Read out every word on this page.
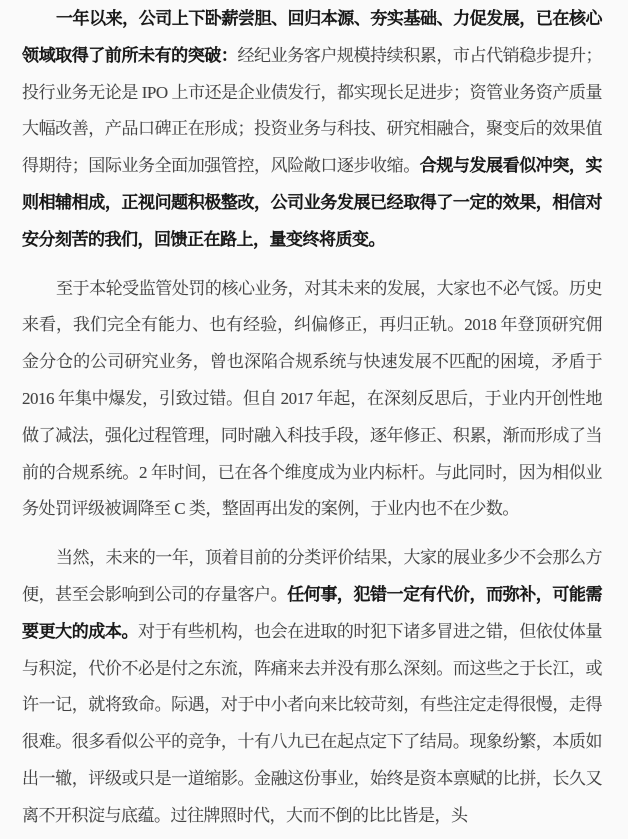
一年以来，公司上下卧薪尝胆、回归本源、夯实基础、力促发展，已在核心领域取得了前所未有的突破：经纪业务客户规模持续积累，市占代销稳步提升；投行业务无论是 IPO 上市还是企业债发行，都实现长足进步；资管业务资产质量大幅改善，产品口碑正在形成；投资业务与科技、研究相融合，聚变后的效果值得期待；国际业务全面加强管控，风险敞口逐步收缩。合规与发展看似冲突，实则相辅相成，正视问题积极整改，公司业务发展已经取得了一定的效果，相信对安分刻苦的我们，回馈正在路上，量变终将质变。

至于本轮受监管处罚的核心业务，对其未来的发展，大家也不必气馁。历史来看，我们完全有能力、也有经验，纠偏修正，再归正轨。2018 年登顶研究佣金分仓的公司研究业务，曾也深陷合规系统与快速发展不匹配的困境，矛盾于 2016 年集中爆发，引致过错。但自 2017 年起，在深刻反思后，于业内开创性地做了减法，强化过程管理，同时融入科技手段，逐年修正、积累，渐而形成了当前的合规系统。2 年时间，已在各个维度成为业内标杆。与此同时，因为相似业务处罚评级被调降至 C 类，整固再出发的案例，于业内也不在少数。

当然，未来的一年，顶着目前的分类评价结果，大家的展业多少不会那么方便，甚至会影响到公司的存量客户。任何事，犯错一定有代价，而弥补，可能需要更大的成本。对于有些机构，也会在进取的时犯下诸多冒进之错，但依仗体量与积淀，代价不必是付之东流，阵痛来去并没有那么深刻。而这些之于长江，或许一记，就将致命。际遇，对于中小者向来比较苛刻，有些注定走得很慢，走得很难。很多看似公平的竞争，十有八九已在起点定下了结局。现象纷繁，本质如出一辙，评级或只是一道缩影。金融这份事业，始终是资本禀赋的比拼，长久又离不开积淀与底蕴。过往牌照时代，大而不倒的比比皆是，头
